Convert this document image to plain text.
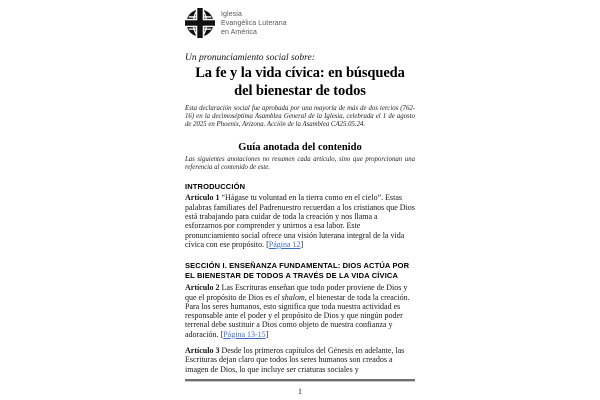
Iglesia
Evangélica Luterana
en América
Un pronunciamiento social sobre:
La fe y la vida cívica: en búsqueda
del bienestar de todos
Esta declaración social fue aprobada por una mayoría de más de dos tercios (762-16) en la decimoséptima Asamblea General de la Iglesia, celebrada el 1 de agosto de 2025 en Phoenix, Arizona. Acción de la Asamblea CA25.05.24.
Guía anotada del contenido
Las siguientes anotaciones no resumen cada artículo, sino que proporcionan una referencia al contenido de este.
INTRODUCCIÓN

Artículo 1 “Hágase tu voluntad en la tierra como en el cielo”. Estas palabras familiares del Padrenuestro recuerdan a los cristianos que Dios está trabajando para cuidar de toda la creación y nos llama a esforzarnos por comprender y unirnos a esa labor. Este pronunciamiento social ofrece una visión luterana integral de la vida cívica con ese propósito. [Página 12]

SECCIÓN I. ENSEÑANZA FUNDAMENTAL: DIOS ACTÚA POR EL BIENESTAR DE TODOS A TRAVÉS DE LA VIDA CÍVICA

Artículo 2 Las Escrituras enseñan que todo poder proviene de Dios y que el propósito de Dios es el shalom, el bienestar de toda la creación. Para los seres humanos, esto significa que toda nuestra actividad es responsable ante el poder y el propósito de Dios y que ningún poder terrenal debe sustituir a Dios como objeto de nuestra confianza y adoración. [Página 13-15]

Artículo 3 Desde los primeros capítulos del Génesis en adelante, las Escrituras dejan claro que todos los seres humanos son creados a imagen de Dios, lo que incluye ser criaturas sociales y

1
